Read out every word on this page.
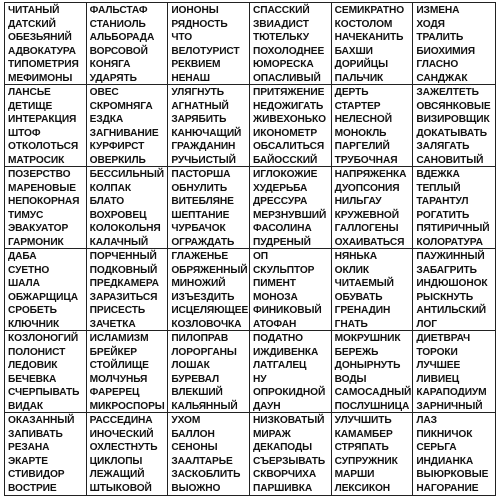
ЧИТАНЫЙ
ДАТСКИЙ
ОБЕЗЬЯНИЙ
АДВОКАТУРА
ТИПОМЕТРИЯ
МЕФИМОНЫ
ФАЛЬСТАФ
СТАНИОЛЬ
АЛЬБОРАДА
ВОРСОВОЙ
КОНЯГА
УДАРЯТЬ
ИОНОНЫ
РЯДНОСТЬ
ЧТО
ВЕЛОТУРИСТ
РЕКВИЕМ
НЕНАШ
СПАССКИЙ
ЗВИАДИСТ
ТЮТЕЛЬКУ
ПОХОЛОДНЕЕ
ЮМОРЕСКА
ОПАСЛИВЫЙ
СЕМИКРАТНО
КОСТОЛОМ
НАЧЕКАНИТЬ
БАХШИ
ДОРИЙЦЫ
ПАЛЬЧИК
ИЗМЕНА
ХОДЯ
ТРАЛИТЬ
БИОХИМИЯ
ГЛАСНО
САНДЖАК
ЛАНСЬЕ
ДЕТИЩЕ
ИНТЕРАКЦИЯ
ШТОФ
ОТКОЛОТЬСЯ
МАТРОСИК
ОВЕС
СКРОМНЯГА
ЕЗДКА
ЗАГНИВАНИЕ
КУРФИРСТ
ОВЕРКИЛЬ
УЛЯГНУТЬ
АГНАТНЫЙ
ЗАРЯБИТЬ
КАНЮЧАЩИЙ
ГРАЖДАНИН
РУЧЬИСТЫЙ
ПРИТЯЖЕНИЕ
НЕДОЖИГАТЬ
ЖИВЕХОНЬКО
ИКОНОМЕТР
ОБСАЛИТЬСЯ
БАЙОССКИЙ
ДЕРТЬ
СТАРТЕР
НЕЛЕСНОЙ
МОНОКЛЬ
ПАРГЕЛИЙ
ТРУБОЧНАЯ
ЗАЖЕЛТЕТЬ
ОВСЯНКОВЫЕ
ВИЗИРОВЩИК
ДОКАТЫВАТЬ
ЗАЛЯГАТЬ
САНОВИТЫЙ
ПОЗЕРСТВО
МАРЕНОВЫЕ
НЕПОКОРНАЯ
ТИМУС
ЭВАКУАТОР
ГАРМОНИК
БЕССИЛЬНЫЙ
КОЛПАК
БЛАТО
ВОХРОВЕЦ
КОЛОКОЛЬНЯ
КАЛАЧНЫЙ
ПАСТОРША
ОБНУЛИТЬ
ВИТЕБЛЯНЕ
ШЕПТАНИЕ
ЧУРБАЧОК
ОГРАЖДАТЬ
ИГЛОКОЖИЕ
ХУДЕРЬБА
ДРЕССУРА
МЕРЗНУВШИЙ
ФАСОЛИНА
ПУДРЕНЫЙ
НАПРЯЖЕНКА
ДУОПСОНИЯ
НИЛЬГАУ
КРУЖЕВНОЙ
ГАЛЛОГЕНЫ
ОХАИВАТЬСЯ
ВДЕЖКА
ТЕПЛЫЙ
ТАРАНТУЛ
РОГАТИТЬ
ПЯТИРИЧНЫЙ
КОЛОРАТУРА
ДАБА
СУЕТНО
ШАЛА
ОБЖАРЩИЦА
СРОБЕТЬ
КЛЮЧНИК
ПОРЧЕННЫЙ
ПОДКОВНЫЙ
ПРЕДКАМЕРА
ЗАРАЗИТЬСЯ
ПРИСЕСТЬ
ЗАЧЕТКА
ГЛАЖЕНЬЕ
ОБРЯЖЕННЫЙ
МИНОЖИЙ
ИЗЪЕЗДИТЬ
ИСЦЕЛЯЮЩЕЕ
КОЗЛОВОЧКА
ОП
СКУЛЬПТОР
ПИМЕНТ
МОНОЗА
ФИНИКОВЫЙ
АТОФАН
НЯНЬКА
ОКЛИК
ЧИТАЕМЫЙ
ОБУВАТЬ
ГРЕНАДИН
ГНАТЬ
ПАУЖИННЫЙ
ЗАБАГРИТЬ
ИНДЮШОНОК
РЫСКНУТЬ
АНТИЛЬСКИЙ
ЛОГ
КОЗЛОНОГИЙ
ПОЛОНИСТ
ЛЕДОВИК
БЕЧЕВКА
СЧЕРПЫВАТЬ
ВИДАК
ИСЛАМИЗМ
БРЕЙКЕР
СТОЙЛИЩЕ
МОЛЧУНЬЯ
ФАРЕРЕЦ
МИКРОСПОРЫ
ПИЛОПРАВ
ЛОРОРГАНЫ
ЛОШАК
БУРЕВАЛ
ВЛЕКШИЙ
КАЛЬЯННЫЙ
ПОДАТНО
ИЖДИВЕНКА
ЛАТГАЛЕЦ
НУ
ОПРОКИДНОЙ
ДАУН
МОКРУШНИК
БЕРЕЖЬ
ДОНЫРНУТЬ
ВОДЫ
САМОСАДНЫЙ
ПОСЛУШНИЦА
ДИЕТВРАЧ
ТОРОКИ
ЛУЧШЕЕ
ЛИВИЕЦ
КАРАПОДИУМ
ЗАРНИЧНЫЙ
ОКАЗАННЫЙ
ЗАПИВАТЬ
РЕЗАНА
ЭКАРТЕ
СТИВИДОР
ВОСТРИЕ
РАССЕДИНА
ИНОЧЕСКИЙ
ОХЛЕСТНУТЬ
ЦИКЛОПЫ
ЛЕЖАЩИЙ
ШТЫКОВОЙ
УХОМ
БАЛЛОН
СЕНОНЫ
ЗААЛТАРЬЕ
ЗАСКОБЛИТЬ
ВЫОЖНО
НИЗКОВАТЫЙ
МИРАЖ
ДЕКАПОДЫ
СЪЕРЗЫВАТЬ
СКВОРЧИХА
ПАРШИВКА
УЛУЧШИТЬ
КАМАМБЕР
СТРЯПАТЬ
СУПРУЖНИК
МАРШИ
ЛЕКСИКОН
ЛАЗ
ПИКНИЧОК
СЕРЬГА
ИНДИАНКА
ВЫЮРКОВЫЕ
НАГОРАНИЕ
